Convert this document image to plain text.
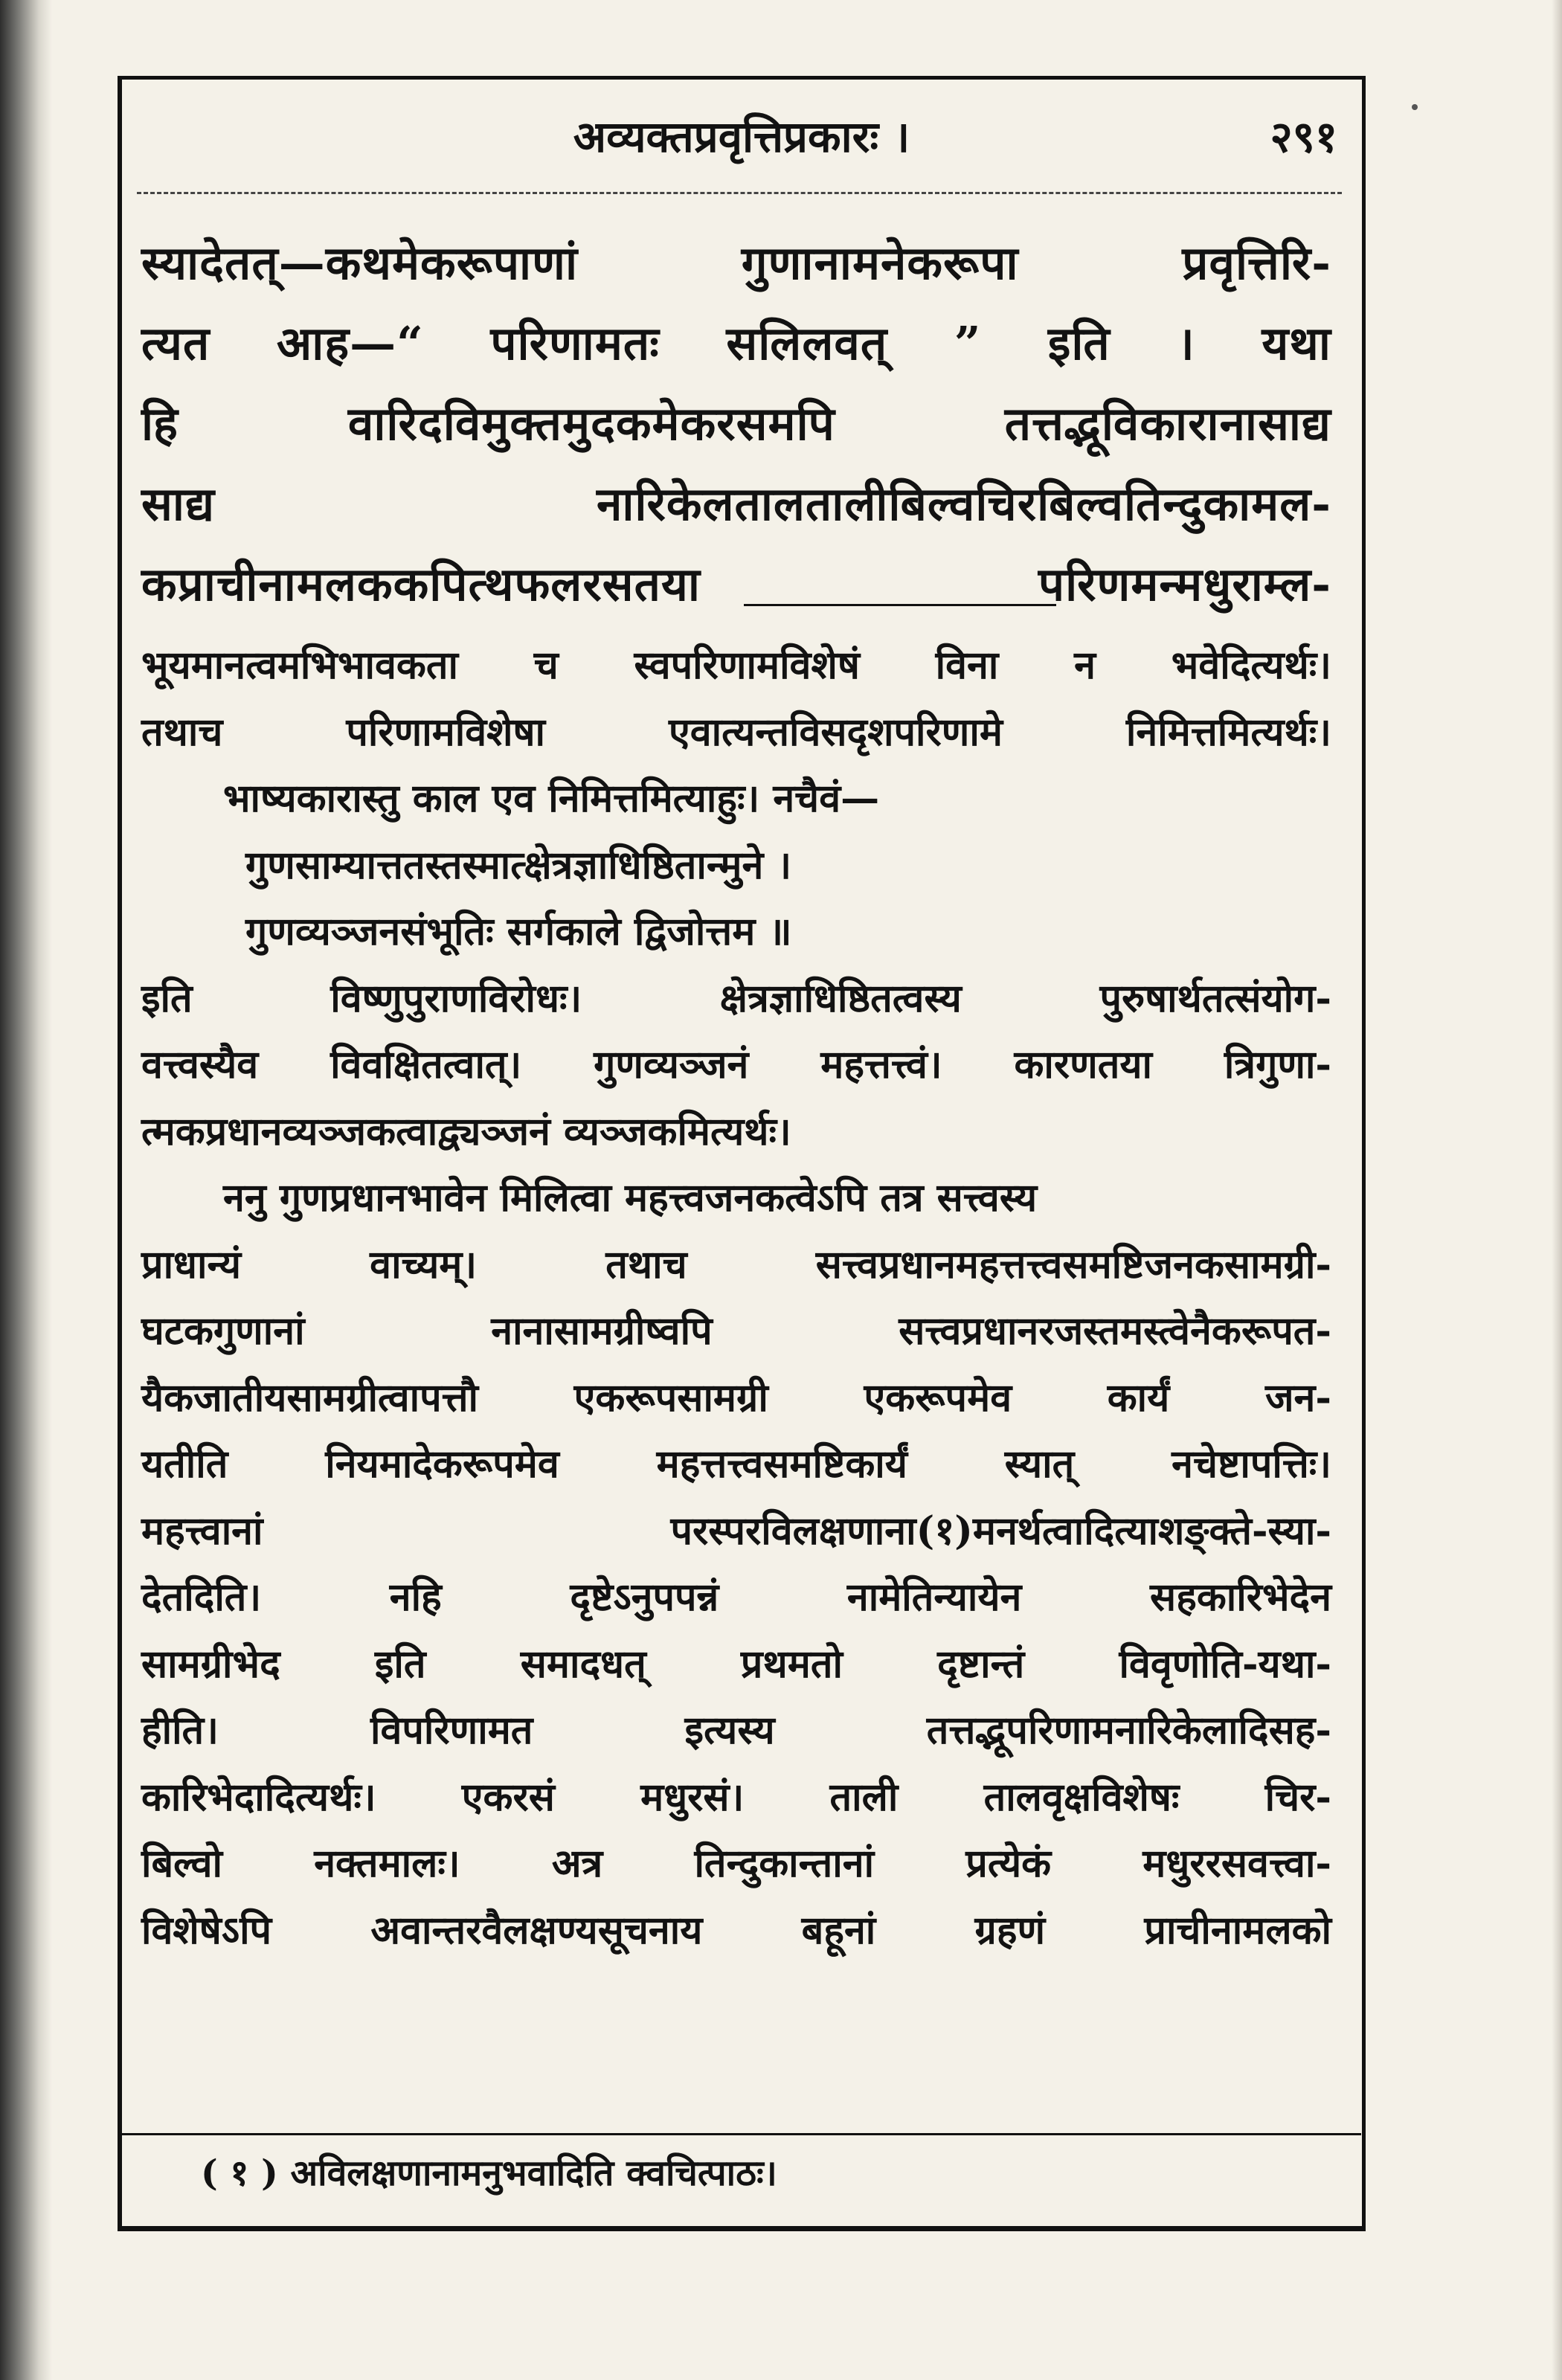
अव्यक्तप्रवृत्तिप्रकारः ।	२९१
स्यादेतत्—कथमेकरूपाणां गुणानामनेकरूपा प्रवृत्तिरि-
त्यत आह—“ परिणामतः सलिलवत् ” इति । यथा
हि वारिदविमुक्तमुदकमेकरसमपि तत्तद्भूविकारानासाद्य
साद्य नारिकेलतालतालीबिल्वचिरबिल्वतिन्दुकामल-
कप्राचीनामलककपित्थफलरसतया परिणमन्मधुराम्ल-
भूयमानत्वमभिभावकता च स्वपरिणामविशेषं विना न भवेदित्यर्थः।
तथाच परिणामविशेषा एवात्यन्तविसदृशपरिणामे निमित्तमित्यर्थः।
भाष्यकारास्तु काल एव निमित्तमित्याहुः। नचैवं—
गुणसाम्यात्ततस्तस्मात्क्षेत्रज्ञाधिष्ठितान्मुने ।
गुणव्यञ्जनसंभूतिः सर्गकाले द्विजोत्तम ॥
इति विष्णुपुराणविरोधः। क्षेत्रज्ञाधिष्ठितत्वस्य पुरुषार्थतत्संयोग-
वत्त्वस्यैव विवक्षितत्वात्। गुणव्यञ्जनं महत्तत्त्वं। कारणतया त्रिगुणा-
त्मकप्रधानव्यञ्जकत्वाद्व्यञ्जनं व्यञ्जकमित्यर्थः।
ननु गुणप्रधानभावेन मिलित्वा महत्त्वजनकत्वेऽपि तत्र सत्त्वस्य
प्राधान्यं वाच्यम्। तथाच सत्त्वप्रधानमहत्तत्त्वसमष्टिजनकसामग्री-
घटकगुणानां नानासामग्रीष्वपि सत्त्वप्रधानरजस्तमस्त्वेनैकरूपत-
यैकजातीयसामग्रीत्वापत्तौ एकरूपसामग्री एकरूपमेव कार्यं जन-
यतीति नियमादेकरूपमेव महत्तत्त्वसमष्टिकार्यं स्यात् नचेष्टापत्तिः।
महत्त्वानां परस्परविलक्षणाना(१)मनर्थत्वादित्याशङ्क्ते-स्या-
देतदिति। नहि दृष्टेऽनुपपन्नं नामेतिन्यायेन सहकारिभेदेन
सामग्रीभेद इति समादधत् प्रथमतो दृष्टान्तं विवृणोति-यथा-
हीति। विपरिणामत इत्यस्य तत्तद्भूपरिणामनारिकेलादिसह-
कारिभेदादित्यर्थः। एकरसं मधुरसं। ताली तालवृक्षविशेषः चिर-
बिल्वो नक्तमालः। अत्र तिन्दुकान्तानां प्रत्येकं मधुररसवत्त्वा-
विशेषेऽपि अवान्तरवैलक्षण्यसूचनाय बहूनां ग्रहणं प्राचीनामलको
( १ ) अविलक्षणानामनुभवादिति क्वचित्पाठः।
